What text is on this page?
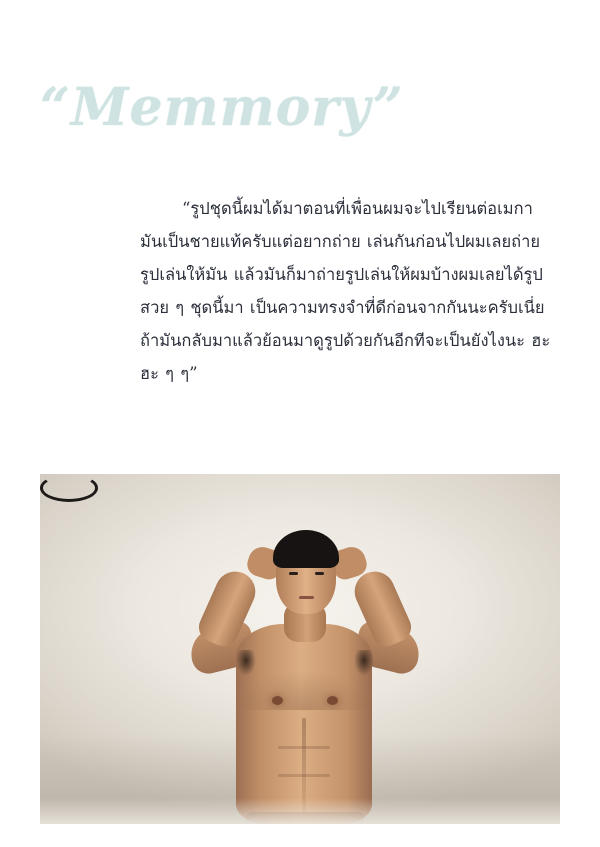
“Memmory”
“รูปชุดนี้ผมได้มาตอนที่เพื่อนผมจะไปเรียนต่อเมกา มันเป็นชายแท้ครับแต่อยากถ่าย เล่นกันก่อนไปผมเลยถ่ายรูปเล่นให้มัน แล้วมันก็มาถ่ายรูปเล่นให้ผมบ้างผมเลยได้รูปสวย ๆ ชุดนี้มา เป็นความทรงจำที่ดีก่อนจากกันนะครับเนี่ย ถ้ามันกลับมาแล้วย้อนมาดูรูปด้วยกันอีกทีจะเป็นยังไงนะ ฮะ ฮะ ๆ ๆ”
